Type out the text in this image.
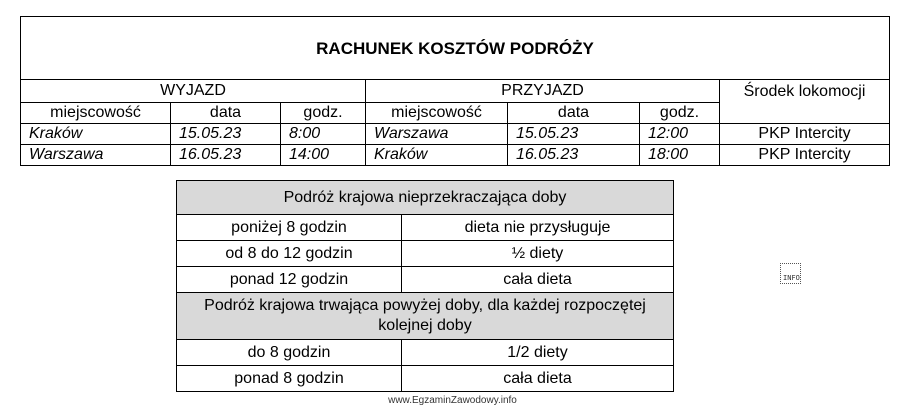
RACHUNEK KOSZTÓW PODRÓŻY						
WYJAZD			PRZYJAZD			Środek lokomocji
miejscowość	data	godz.	miejscowość	data	godz.	
Kraków	15.05.23	8:00	Warszawa	15.05.23	12:00	PKP Intercity
Warszawa	16.05.23	14:00	Kraków	16.05.23	18:00	PKP Intercity
Podróż krajowa nieprzekraczająca doby	
poniżej 8 godzin	dieta nie przysługuje
od 8 do 12 godzin	½ diety
ponad 12 godzin	cała dieta
Podróż krajowa trwająca powyżej doby, dla każdej rozpoczętej kolejnej doby	
do 8 godzin	1/2 diety
ponad 8 godzin	cała dieta
INFO
www.EgzaminZawodowy.info
